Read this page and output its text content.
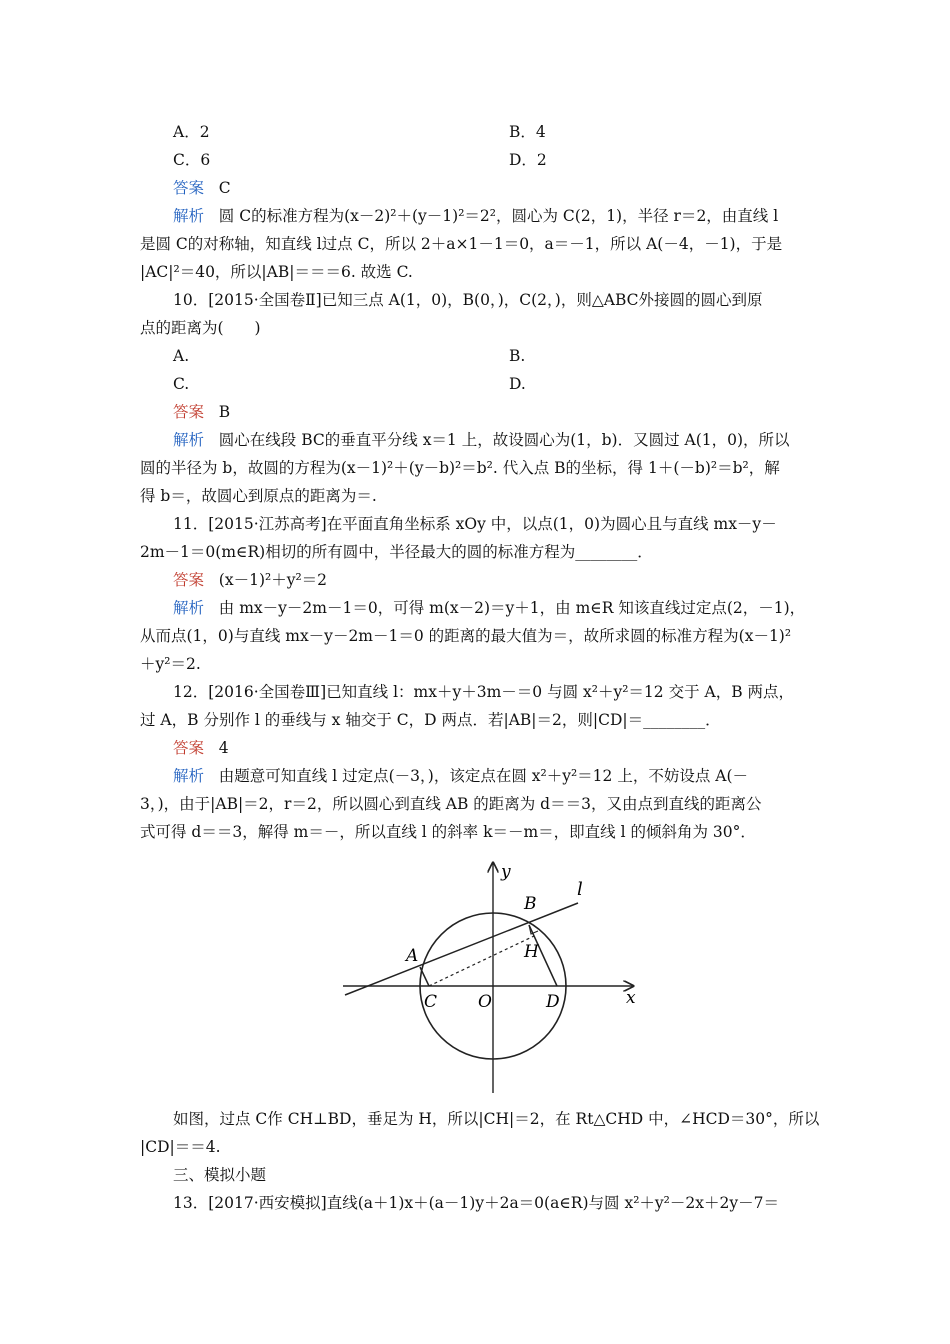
A．2	B．4
C．6	D．2
答案 C
解析 圆 C的标准方程为(x－2)²＋(y－1)²＝2²，圆心为 C(2，1)，半径 r＝2，由直线 l
是圆 C的对称轴，知直线 l过点 C，所以 2＋a×1－1＝0，a＝－1，所以 A(－4，－1)，于是
|AC|²＝40，所以|AB|＝＝＝6. 故选 C.
10．[2015·全国卷Ⅱ]已知三点 A(1，0)，B(0，)，C(2，)，则△ABC外接圆的圆心到原
点的距离为(　　)
A.	B.
C.	D.
答案 B
解析 圆心在线段 BC的垂直平分线 x＝1 上，故设圆心为(1，b)．又圆过 A(1，0)，所以
圆的半径为 b，故圆的方程为(x－1)²＋(y－b)²＝b². 代入点 B的坐标，得 1＋(－b)²＝b²，解
得 b＝，故圆心到原点的距离为＝.
11．[2015·江苏高考]在平面直角坐标系 xOy 中，以点(1，0)为圆心且与直线 mx－y－
2m－1＝0(m∈R)相切的所有圆中，半径最大的圆的标准方程为________．
答案 (x－1)²＋y²＝2
解析 由 mx－y－2m－1＝0，可得 m(x－2)＝y＋1，由 m∈R 知该直线过定点(2，－1)，
从而点(1，0)与直线 mx－y－2m－1＝0 的距离的最大值为＝，故所求圆的标准方程为(x－1)²
＋y²＝2.
12．[2016·全国卷Ⅲ]已知直线 l：mx＋y＋3m－＝0 与圆 x²＋y²＝12 交于 A，B 两点，
过 A，B 分别作 l 的垂线与 x 轴交于 C，D 两点．若|AB|＝2，则|CD|＝________．
答案 4
解析 由题意可知直线 l 过定点(－3，)，该定点在圆 x²＋y²＝12 上，不妨设点 A(－
3，)，由于|AB|＝2，r＝2，所以圆心到直线 AB 的距离为 d＝＝3，又由点到直线的距离公
式可得 d＝＝3，解得 m＝－，所以直线 l 的斜率 k＝－m＝，即直线 l 的倾斜角为 30°．
y
x
l
A
B
H
C O	D
如图，过点 C作 CH⊥BD，垂足为 H，所以|CH|＝2，在 Rt△CHD 中，∠HCD＝30°，所以
|CD|＝＝4.
三、模拟小题
13．[2017·西安模拟]直线(a＋1)x＋(a－1)y＋2a＝0(a∈R)与圆 x²＋y²－2x＋2y－7＝
